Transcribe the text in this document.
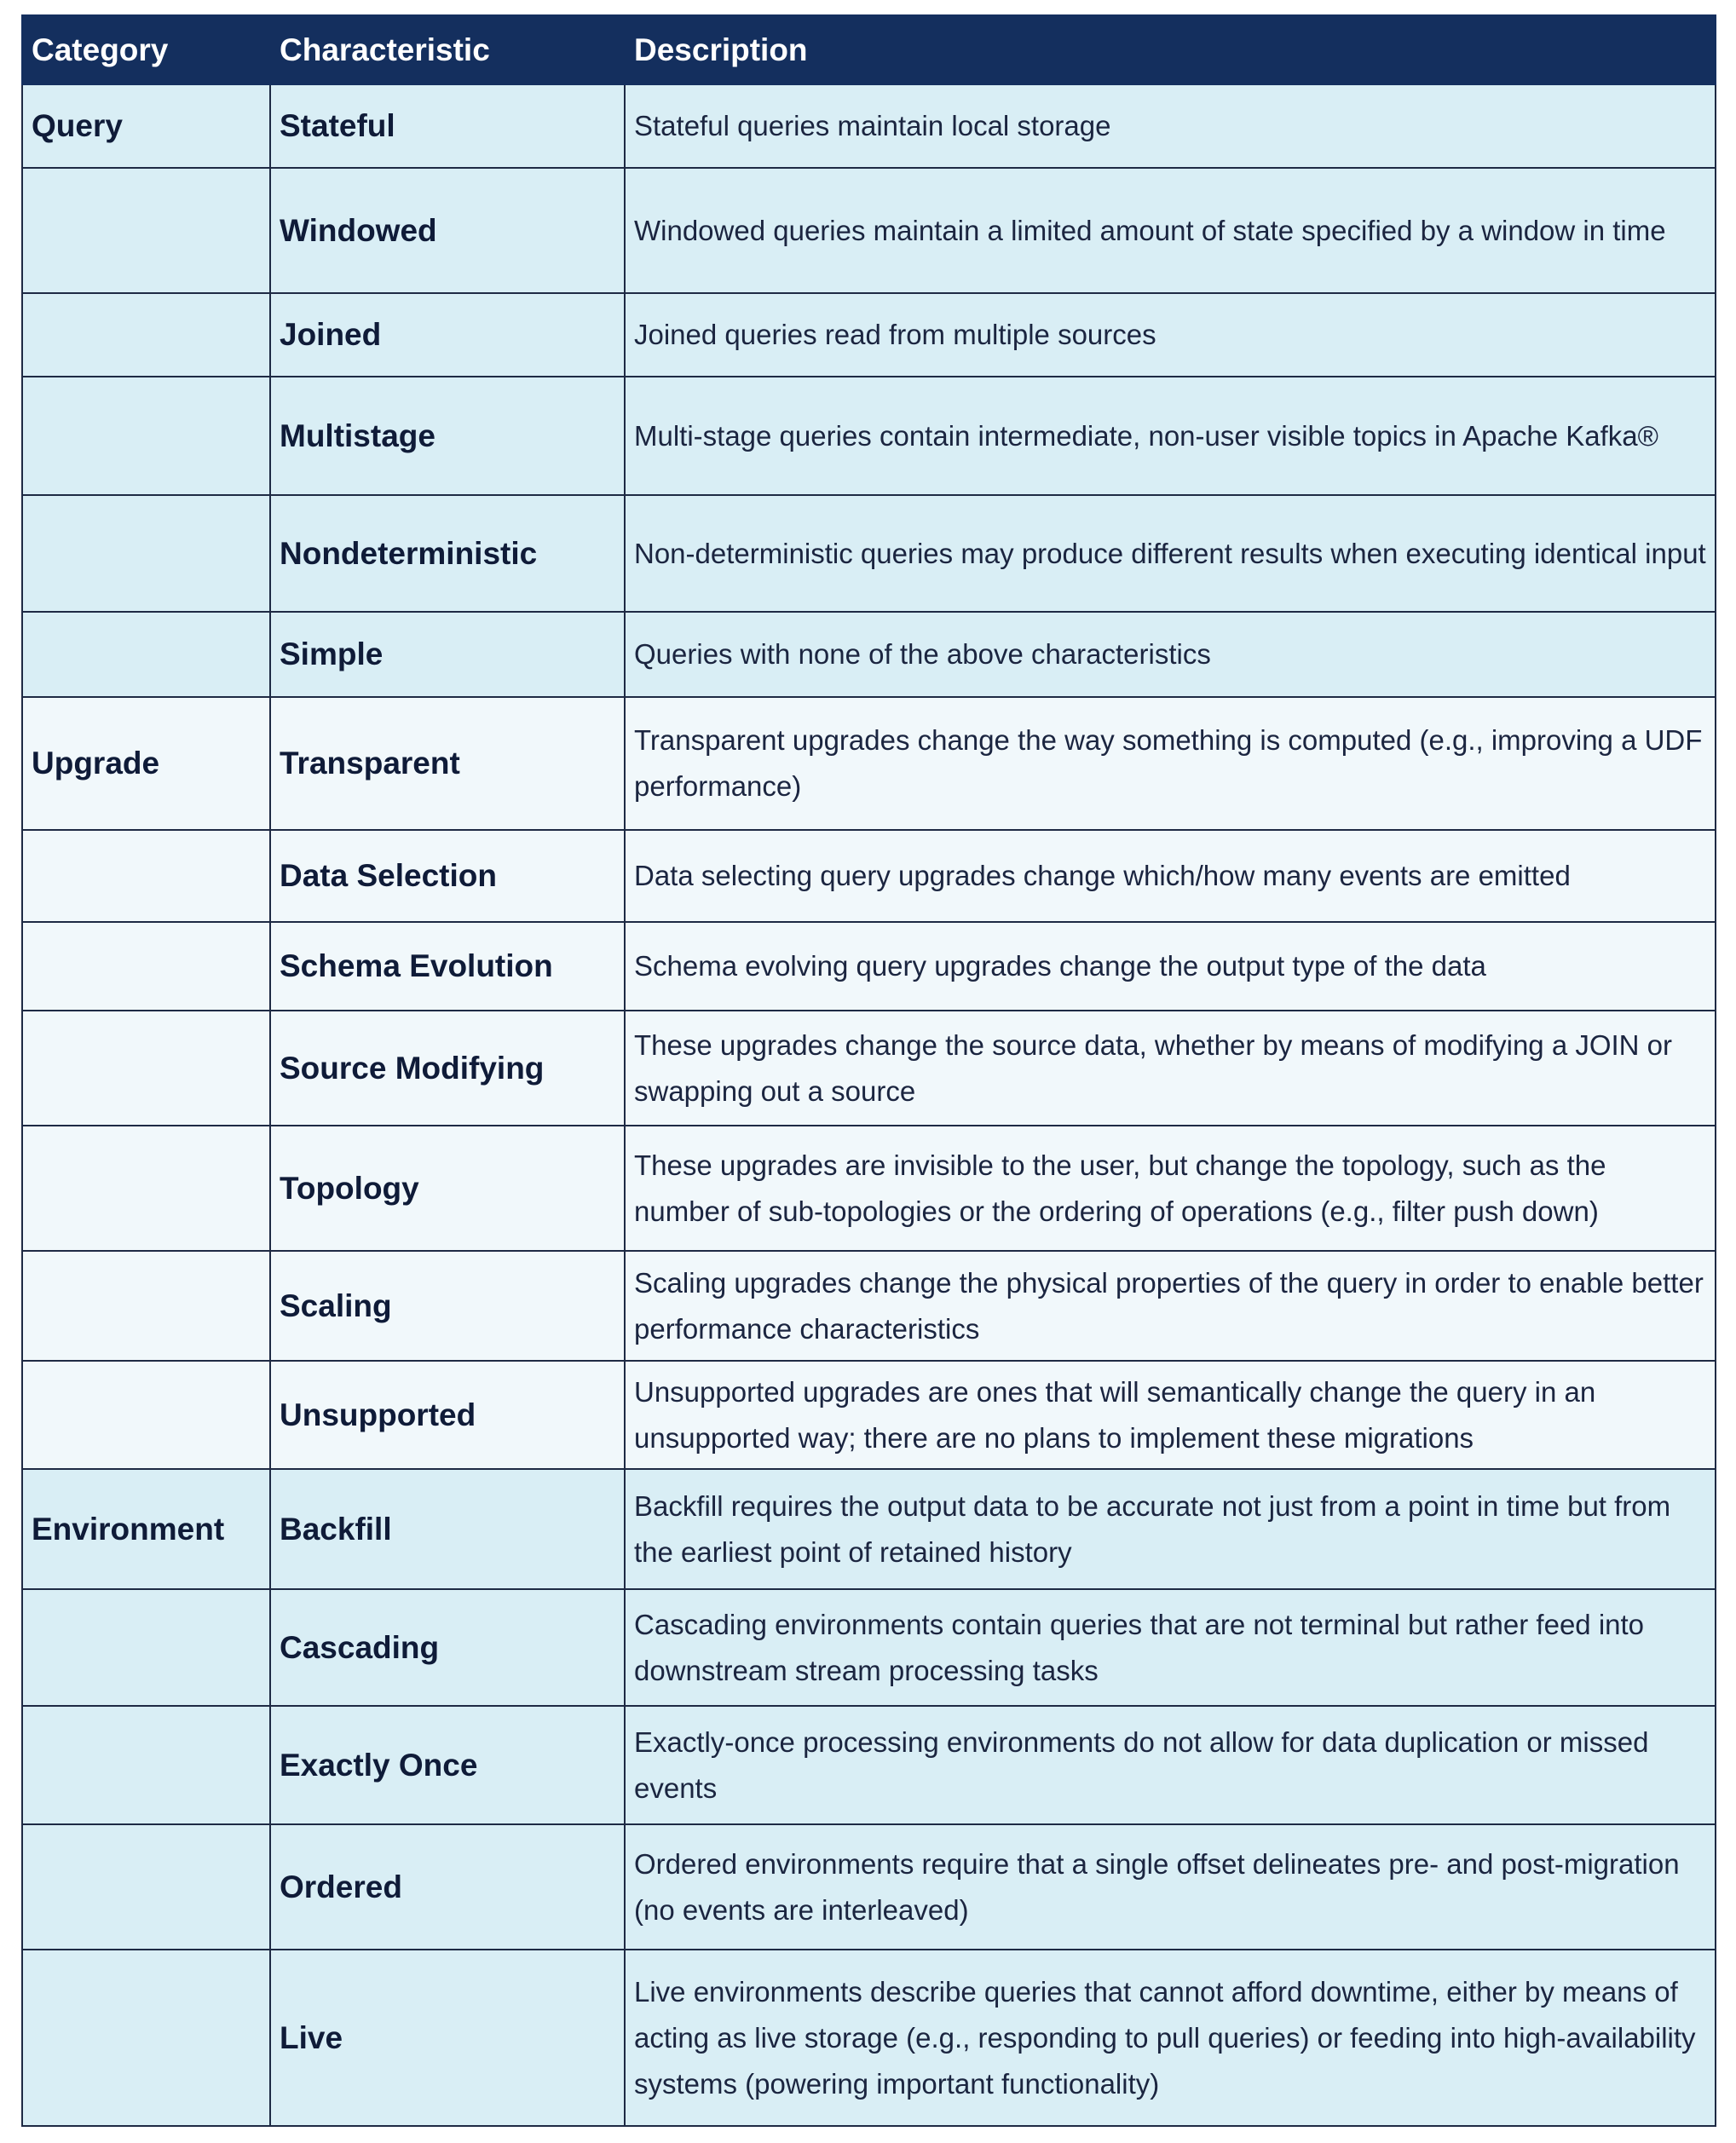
Category	Characteristic	Description
Query	Stateful	Stateful queries maintain local storage
	Windowed	Windowed queries maintain a limited amount of state specified by a window in time
	Joined	Joined queries read from multiple sources
	Multistage	Multi-stage queries contain intermediate, non-user visible topics in Apache Kafka®
	Nondeterministic	Non-deterministic queries may produce different results when executing identical input
	Simple	Queries with none of the above characteristics
Upgrade	Transparent	Transparent upgrades change the way something is computed (e.g., improving a UDF performance)
	Data Selection	Data selecting query upgrades change which/how many events are emitted
	Schema Evolution	Schema evolving query upgrades change the output type of the data
	Source Modifying	These upgrades change the source data, whether by means of modifying a JOIN or swapping out a source
	Topology	These upgrades are invisible to the user, but change the topology, such as the number of sub-topologies or the ordering of operations (e.g., filter push down)
	Scaling	Scaling upgrades change the physical properties of the query in order to enable better performance characteristics
	Unsupported	Unsupported upgrades are ones that will semantically change the query in an unsupported way; there are no plans to implement these migrations
Environment	Backfill	Backfill requires the output data to be accurate not just from a point in time but from the earliest point of retained history
	Cascading	Cascading environments contain queries that are not terminal but rather feed into downstream stream processing tasks
	Exactly Once	Exactly-once processing environments do not allow for data duplication or missed events
	Ordered	Ordered environments require that a single offset delineates pre- and post-migration (no events are interleaved)
	Live	Live environments describe queries that cannot afford downtime, either by means of acting as live storage (e.g., responding to pull queries) or feeding into high-availability systems (powering important functionality)
